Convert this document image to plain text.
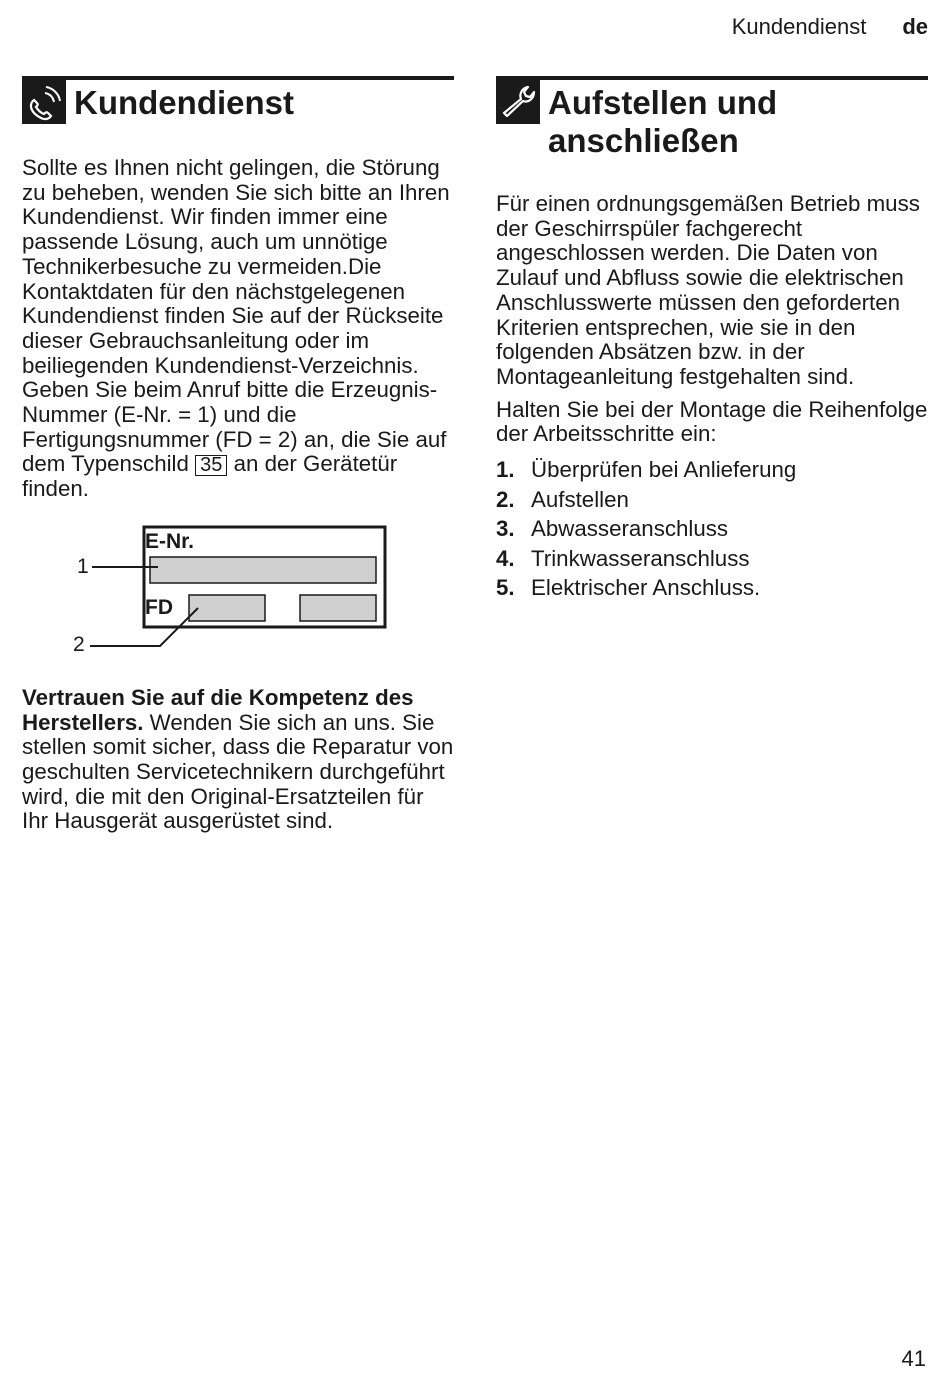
Kundendienst de
Kundendienst

Sollte es Ihnen nicht gelingen, die Störung zu beheben, wenden Sie sich bitte an Ihren Kundendienst. Wir finden immer eine passende Lösung, auch um unnötige Technikerbesuche zu vermeiden.Die Kontaktdaten für den nächstgelegenen Kundendienst finden Sie auf der Rückseite dieser Gebrauchsanleitung oder im beiliegenden Kundendienst-Verzeichnis. Geben Sie beim Anruf bitte die Erzeugnis-Nummer (E-Nr. = 1) und die Fertigungsnummer (FD = 2) an, die Sie auf dem Typenschild 35 an der Gerätetür finden.

E-Nr.
FD
1
2

Vertrauen Sie auf die Kompetenz des Herstellers. Wenden Sie sich an uns. Sie stellen somit sicher, dass die Reparatur von geschulten Servicetechnikern durchgeführt wird, die mit den Original-Ersatzteilen für Ihr Hausgerät ausgerüstet sind.

Aufstellen und anschließen

Für einen ordnungsgemäßen Betrieb muss der Geschirrspüler fachgerecht angeschlossen werden. Die Daten von Zulauf und Abfluss sowie die elektrischen Anschlusswerte müssen den geforderten Kriterien entsprechen, wie sie in den folgenden Absätzen bzw. in der Montageanleitung festgehalten sind.

Halten Sie bei der Montage die Reihenfolge der Arbeitsschritte ein:

1. Überprüfen bei Anlieferung
2. Aufstellen
3. Abwasseranschluss
4. Trinkwasseranschluss
5. Elektrischer Anschluss.
41
